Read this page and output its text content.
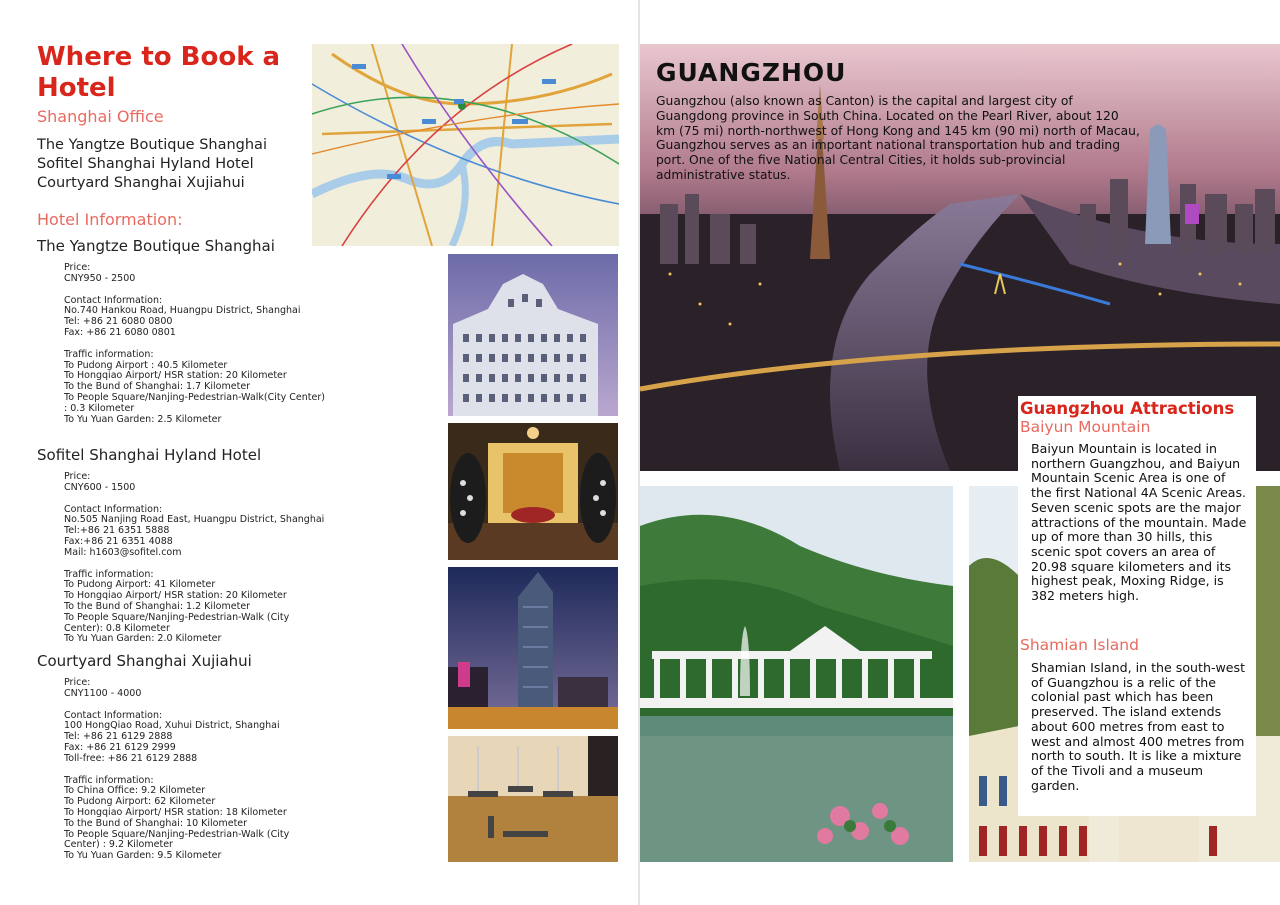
Where to Book a Hotel
Shanghai Office
The Yangtze Boutique Shanghai
Sofitel Shanghai Hyland Hotel
Courtyard Shanghai Xujiahui
Hotel Information:
The Yangtze Boutique Shanghai
Price:
CNY950 - 2500
Contact Information:
No.740 Hankou Road, Huangpu District, Shanghai
Tel: +86 21 6080 0800
Fax: +86 21 6080 0801
Traffic information:
To Pudong Airport : 40.5 Kilometer
To Hongqiao Airport/ HSR station: 20 Kilometer
To the Bund of Shanghai: 1.7 Kilometer
To People Square/Nanjing-Pedestrian-Walk(City Center)
: 0.3 Kilometer
To Yu Yuan Garden: 2.5 Kilometer
Sofitel Shanghai Hyland Hotel
Price:
CNY600 - 1500
Contact Information:
No.505 Nanjing Road East, Huangpu District, Shanghai
Tel:+86 21 6351 5888
Fax:+86 21 6351 4088
Mail: h1603@sofitel.com
Traffic information:
To Pudong Airport: 41 Kilometer
To Hongqiao Airport/ HSR station: 20 Kilometer
To the Bund of Shanghai: 1.2 Kilometer
To People Square/Nanjing-Pedestrian-Walk (City
Center): 0.8 Kilometer
To Yu Yuan Garden: 2.0 Kilometer
Courtyard Shanghai Xujiahui
Price:
CNY1100 - 4000
Contact Information:
100 HongQiao Road, Xuhui District, Shanghai
Tel: +86 21 6129 2888
Fax: +86 21 6129 2999
Toll-free: +86 21 6129 2888
Traffic information:
To China Office: 9.2 Kilometer
To Pudong Airport: 62 Kilometer
To Hongqiao Airport/ HSR station: 18 Kilometer
To the Bund of Shanghai: 10 Kilometer
To People Square/Nanjing-Pedestrian-Walk (City
Center) : 9.2 Kilometer
To Yu Yuan Garden: 9.5 Kilometer
GUANGZHOU
Guangzhou (also known as Canton) is the capital and largest city of Guangdong province in South China. Located on the Pearl River, about 120 km (75 mi) north-northwest of Hong Kong and 145 km (90 mi) north of Macau, Guangzhou serves as an important national transportation hub and trading port. One of the five National Central Cities, it holds sub-provincial administrative status.
Guangzhou Attractions
Baiyun Mountain
Baiyun Mountain is located in northern Guangzhou, and Baiyun Mountain Scenic Area is one of the first National 4A Scenic Areas. Seven scenic spots are the major attractions of the mountain. Made up of more than 30 hills, this scenic spot covers an area of 20.98 square kilometers and its highest peak, Moxing Ridge, is 382 meters high.
Shamian Island
Shamian Island, in the south-west of Guangzhou is a relic of the colonial past which has been preserved. The island extends about 600 metres from east to west and almost 400 metres from north to south. It is like a mixture of the Tivoli and a museum garden.
